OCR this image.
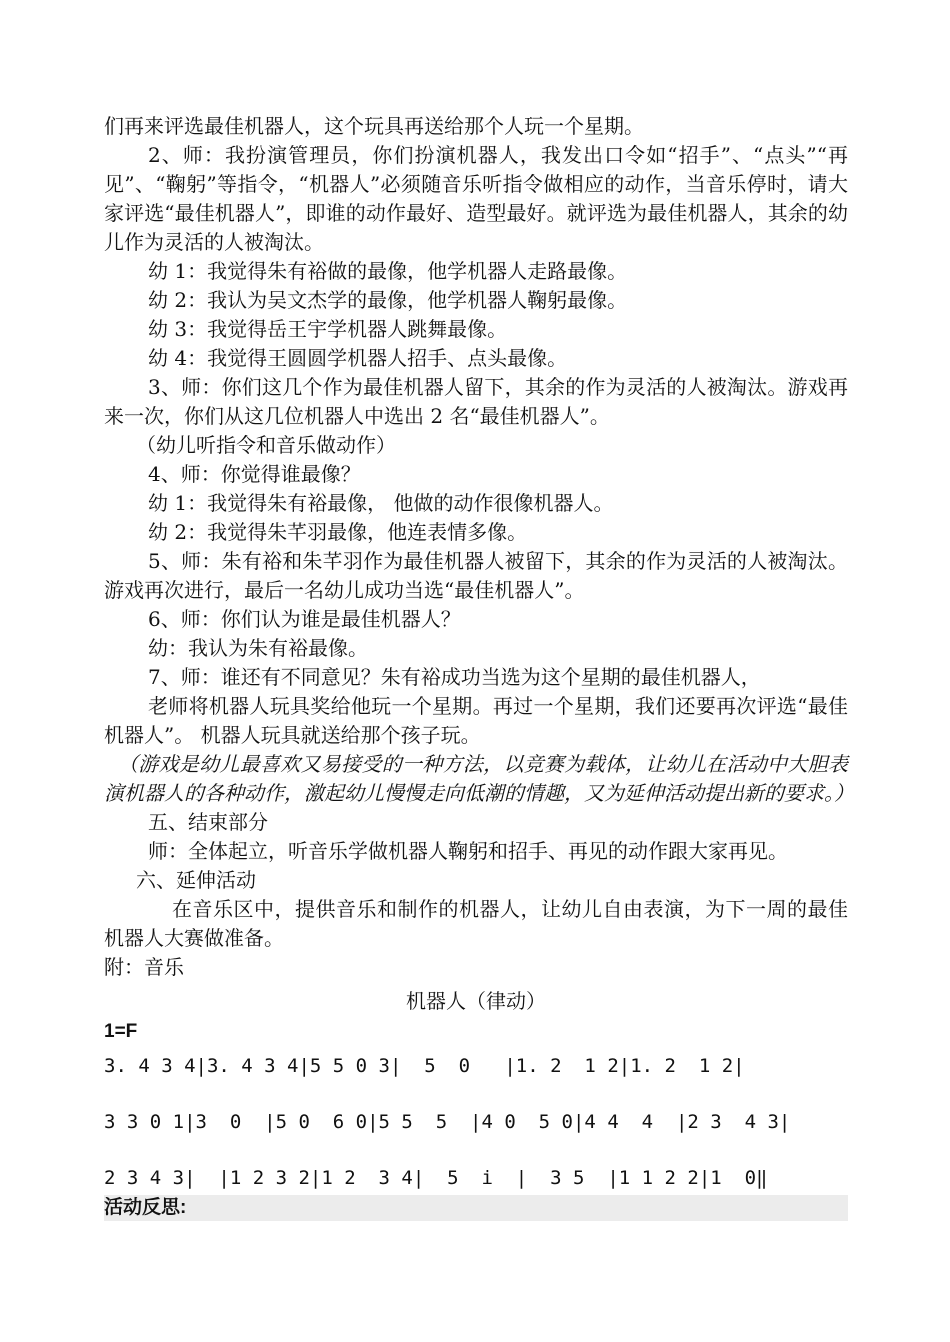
们再来评选最佳机器人，这个玩具再送给那个人玩一个星期。

2、师：我扮演管理员，你们扮演机器人，我发出口令如“招手”、“点头”“再见”、“鞠躬”等指令，“机器人”必须随音乐听指令做相应的动作，当音乐停时，请大家评选“最佳机器人”，即谁的动作最好、造型最好。就评选为最佳机器人，其余的幼儿作为灵活的人被淘汰。

幼 1：我觉得朱有裕做的最像，他学机器人走路最像。

幼 2：我认为吴文杰学的最像，他学机器人鞠躬最像。

幼 3：我觉得岳王宇学机器人跳舞最像。

幼 4：我觉得王圆圆学机器人招手、点头最像。

3、师：你们这几个作为最佳机器人留下，其余的作为灵活的人被淘汰。游戏再来一次，你们从这几位机器人中选出 2 名“最佳机器人”。

（幼儿听指令和音乐做动作）

4、师：你觉得谁最像？

幼 1：我觉得朱有裕最像， 他做的动作很像机器人。

幼 2：我觉得朱芊羽最像，他连表情多像。

5、师：朱有裕和朱芊羽作为最佳机器人被留下，其余的作为灵活的人被淘汰。游戏再次进行，最后一名幼儿成功当选“最佳机器人”。

6、师：你们认为谁是最佳机器人？

幼：我认为朱有裕最像。

7、师：谁还有不同意见？朱有裕成功当选为这个星期的最佳机器人，

老师将机器人玩具奖给他玩一个星期。再过一个星期，我们还要再次评选“最佳机器人”。 机器人玩具就送给那个孩子玩。

（游戏是幼儿最喜欢又易接受的一种方法，以竞赛为载体，让幼儿在活动中大胆表演机器人的各种动作，激起幼儿慢慢走向低潮的情趣，又为延伸活动提出新的要求。）

五、结束部分

师：全体起立，听音乐学做机器人鞠躬和招手、再见的动作跟大家再见。

六、延伸活动

在音乐区中，提供音乐和制作的机器人，让幼儿自由表演，为下一周的最佳机器人大赛做准备。

附：音乐

机器人（律动）

1=F
3. 4 3 4|3. 4 3 4|5 5 0 3|  5  0   |1. 2  1 2|1. 2  1 2|
3 3 0 1|3  0  |5 0  6 0|5 5  5  |4 0  5 0|4 4  4  |2 3  4 3|
2 3 4 3|  |1 2 3 2|1 2  3 4|  5  i  |  3 5  |1 1 2 2|1  0‖
活动反思:
